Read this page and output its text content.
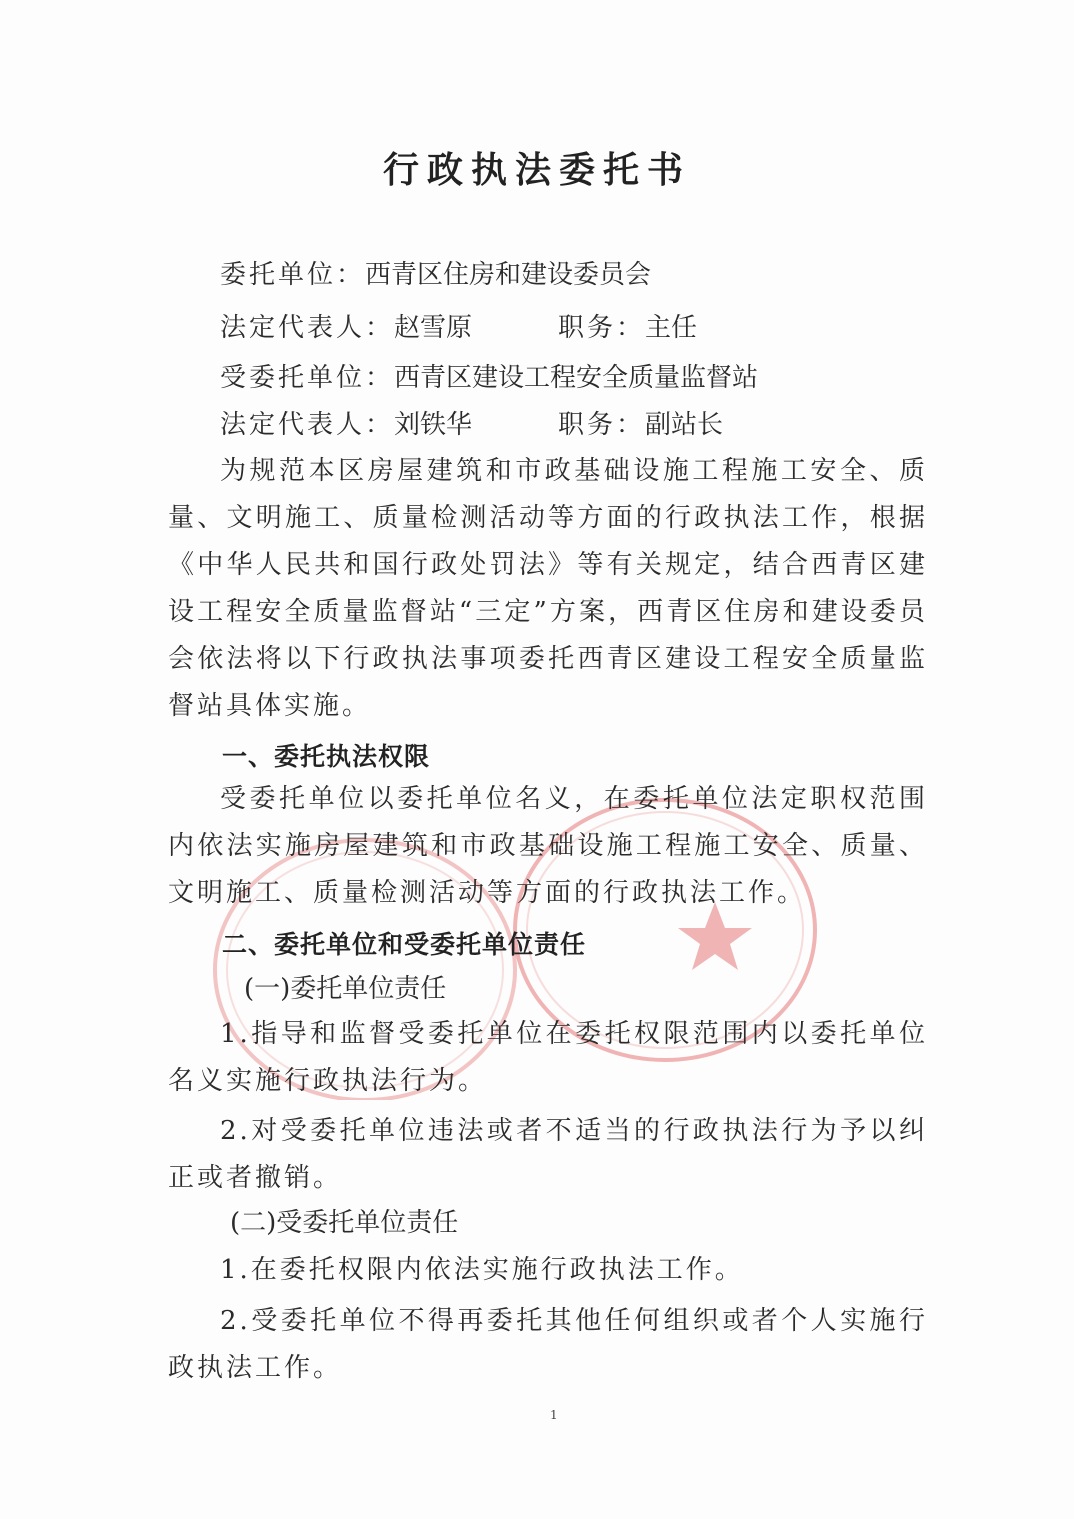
行政执法委托书
委托单位：西青区住房和建设委员会
法定代表人：赵雪原	职务：主任
受委托单位：西青区建设工程安全质量监督站
法定代表人：刘铁华	职务：副站长
为规范本区房屋建筑和市政基础设施工程施工安全、质量、文明施工、质量检测活动等方面的行政执法工作，根据《中华人民共和国行政处罚法》等有关规定，结合西青区建设工程安全质量监督站“三定”方案，西青区住房和建设委员会依法将以下行政执法事项委托西青区建设工程安全质量监督站具体实施。
一、委托执法权限
受委托单位以委托单位名义，在委托单位法定职权范围内依法实施房屋建筑和市政基础设施工程施工安全、质量、文明施工、质量检测活动等方面的行政执法工作。
二、委托单位和受委托单位责任
(一)委托单位责任
1.指导和监督受委托单位在委托权限范围内以委托单位名义实施行政执法行为。
2.对受委托单位违法或者不适当的行政执法行为予以纠正或者撤销。
(二)受委托单位责任
1.在委托权限内依法实施行政执法工作。
2.受委托单位不得再委托其他任何组织或者个人实施行政执法工作。
1
